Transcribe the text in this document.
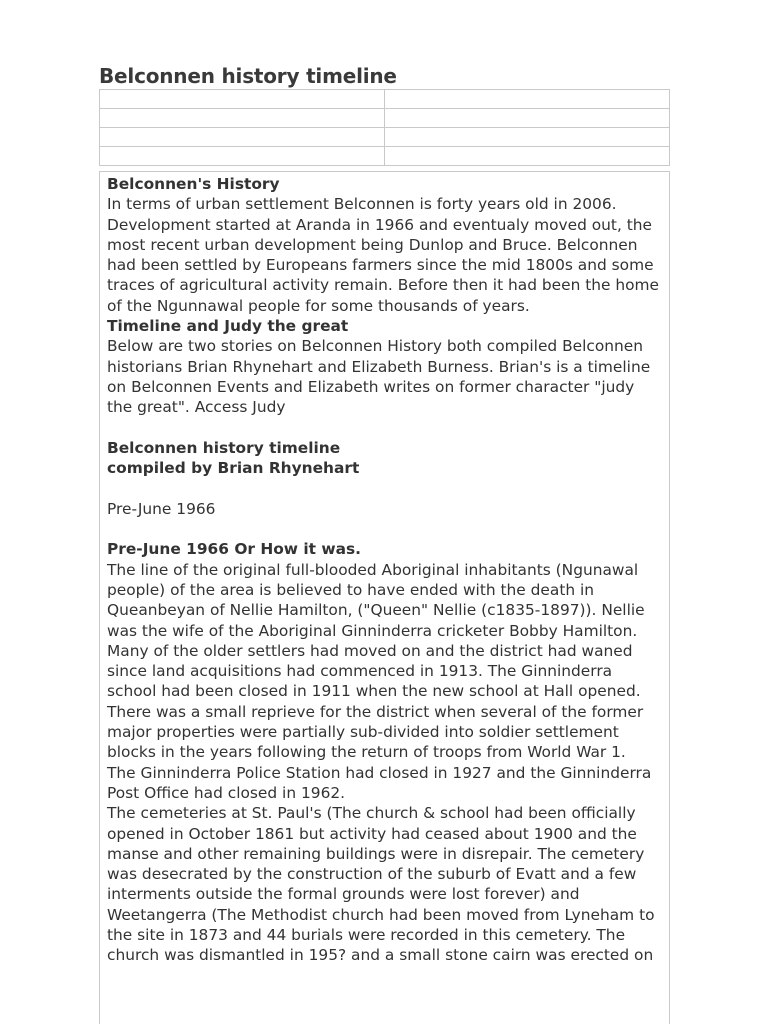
Belconnen history timeline

Belconnen's History

In terms of urban settlement Belconnen is forty years old in 2006. Development started at Aranda in 1966 and eventualy moved out, the most recent urban development being Dunlop and Bruce. Belconnen had been settled by Europeans farmers since the mid 1800s and some traces of agricultural activity remain. Before then it had been the home of the Ngunnawal people for some thousands of years.

Timeline and Judy the great

Below are two stories on Belconnen History both compiled Belconnen historians Brian Rhynehart and Elizabeth Burness. Brian's is a timeline on Belconnen Events and Elizabeth writes on former character "judy the great". Access Judy

Belconnen history timeline

compiled by Brian Rhynehart

Pre-June 1966

Pre-June 1966 Or How it was.

The line of the original full-blooded Aboriginal inhabitants (Ngunawal people) of the area is believed to have ended with the death in Queanbeyan of Nellie Hamilton, ("Queen" Nellie (c1835-1897)). Nellie was the wife of the Aboriginal Ginninderra cricketer Bobby Hamilton. Many of the older settlers had moved on and the district had waned since land acquisitions had commenced in 1913. The Ginninderra school had been closed in 1911 when the new school at Hall opened.

There was a small reprieve for the district when several of the former major properties were partially sub-divided into soldier settlement blocks in the years following the return of troops from World War 1.

The Ginninderra Police Station had closed in 1927 and the Ginninderra Post Office had closed in 1962.

The cemeteries at St. Paul's (The church & school had been officially opened in October 1861 but activity had ceased about 1900 and the manse and other remaining buildings were in disrepair. The cemetery was desecrated by the construction of the suburb of Evatt and a few interments outside the formal grounds were lost forever) and Weetangerra (The Methodist church had been moved from Lyneham to the site in 1873 and 44 burials were recorded in this cemetery. The church was dismantled in 195? and a small stone cairn was erected on
